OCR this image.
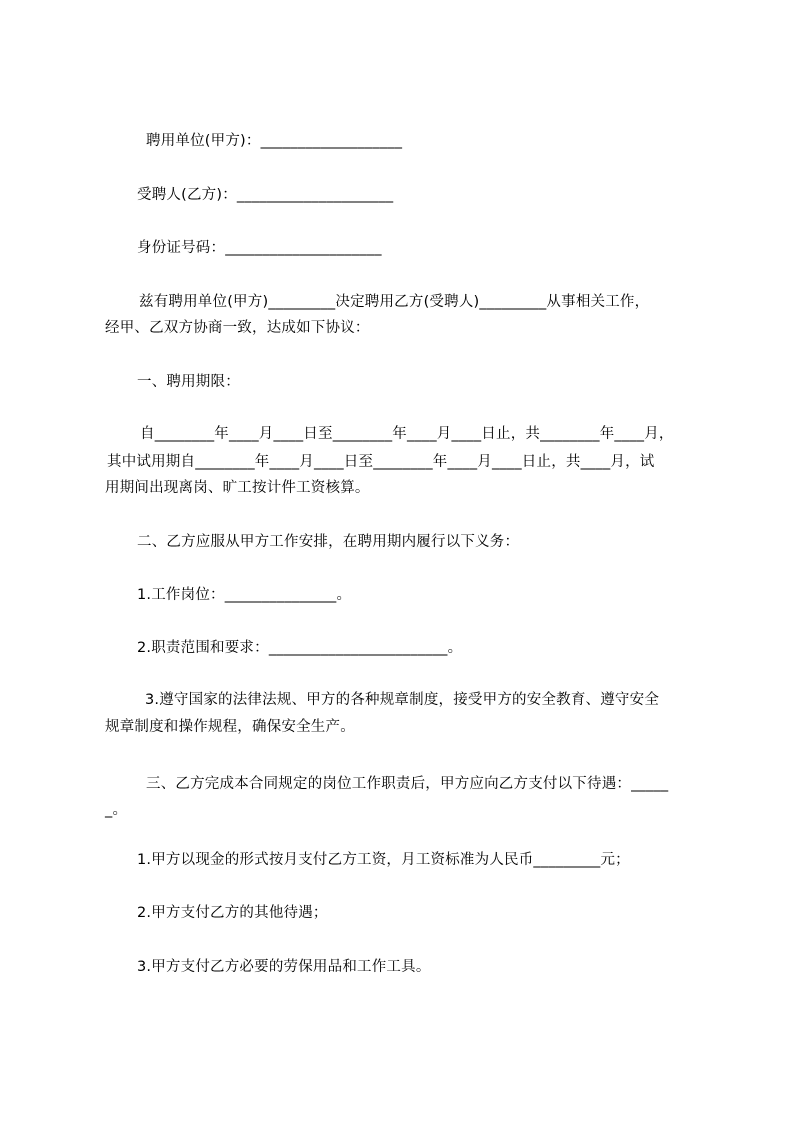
聘用单位(甲方)：___________________
受聘人(乙方)：_____________________
身份证号码：_____________________
兹有聘用单位(甲方)_________决定聘用乙方(受聘人)_________从事相关工作，
经甲、乙双方协商一致，达成如下协议：
一、聘用期限：
自________年____月____日至________年____月____日止，共________年____月，
其中试用期自________年____月____日至________年____月____日止，共____月，试
用期间出现离岗、旷工按计件工资核算。
二、乙方应服从甲方工作安排，在聘用期内履行以下义务：
1.工作岗位：_______________。
2.职责范围和要求：________________________。
3.遵守国家的法律法规、甲方的各种规章制度，接受甲方的安全教育、遵守安全
规章制度和操作规程，确保安全生产。
三、乙方完成本合同规定的岗位工作职责后，甲方应向乙方支付以下待遇：_____
_。
1.甲方以现金的形式按月支付乙方工资，月工资标准为人民币_________元；
2.甲方支付乙方的其他待遇；
3.甲方支付乙方必要的劳保用品和工作工具。
